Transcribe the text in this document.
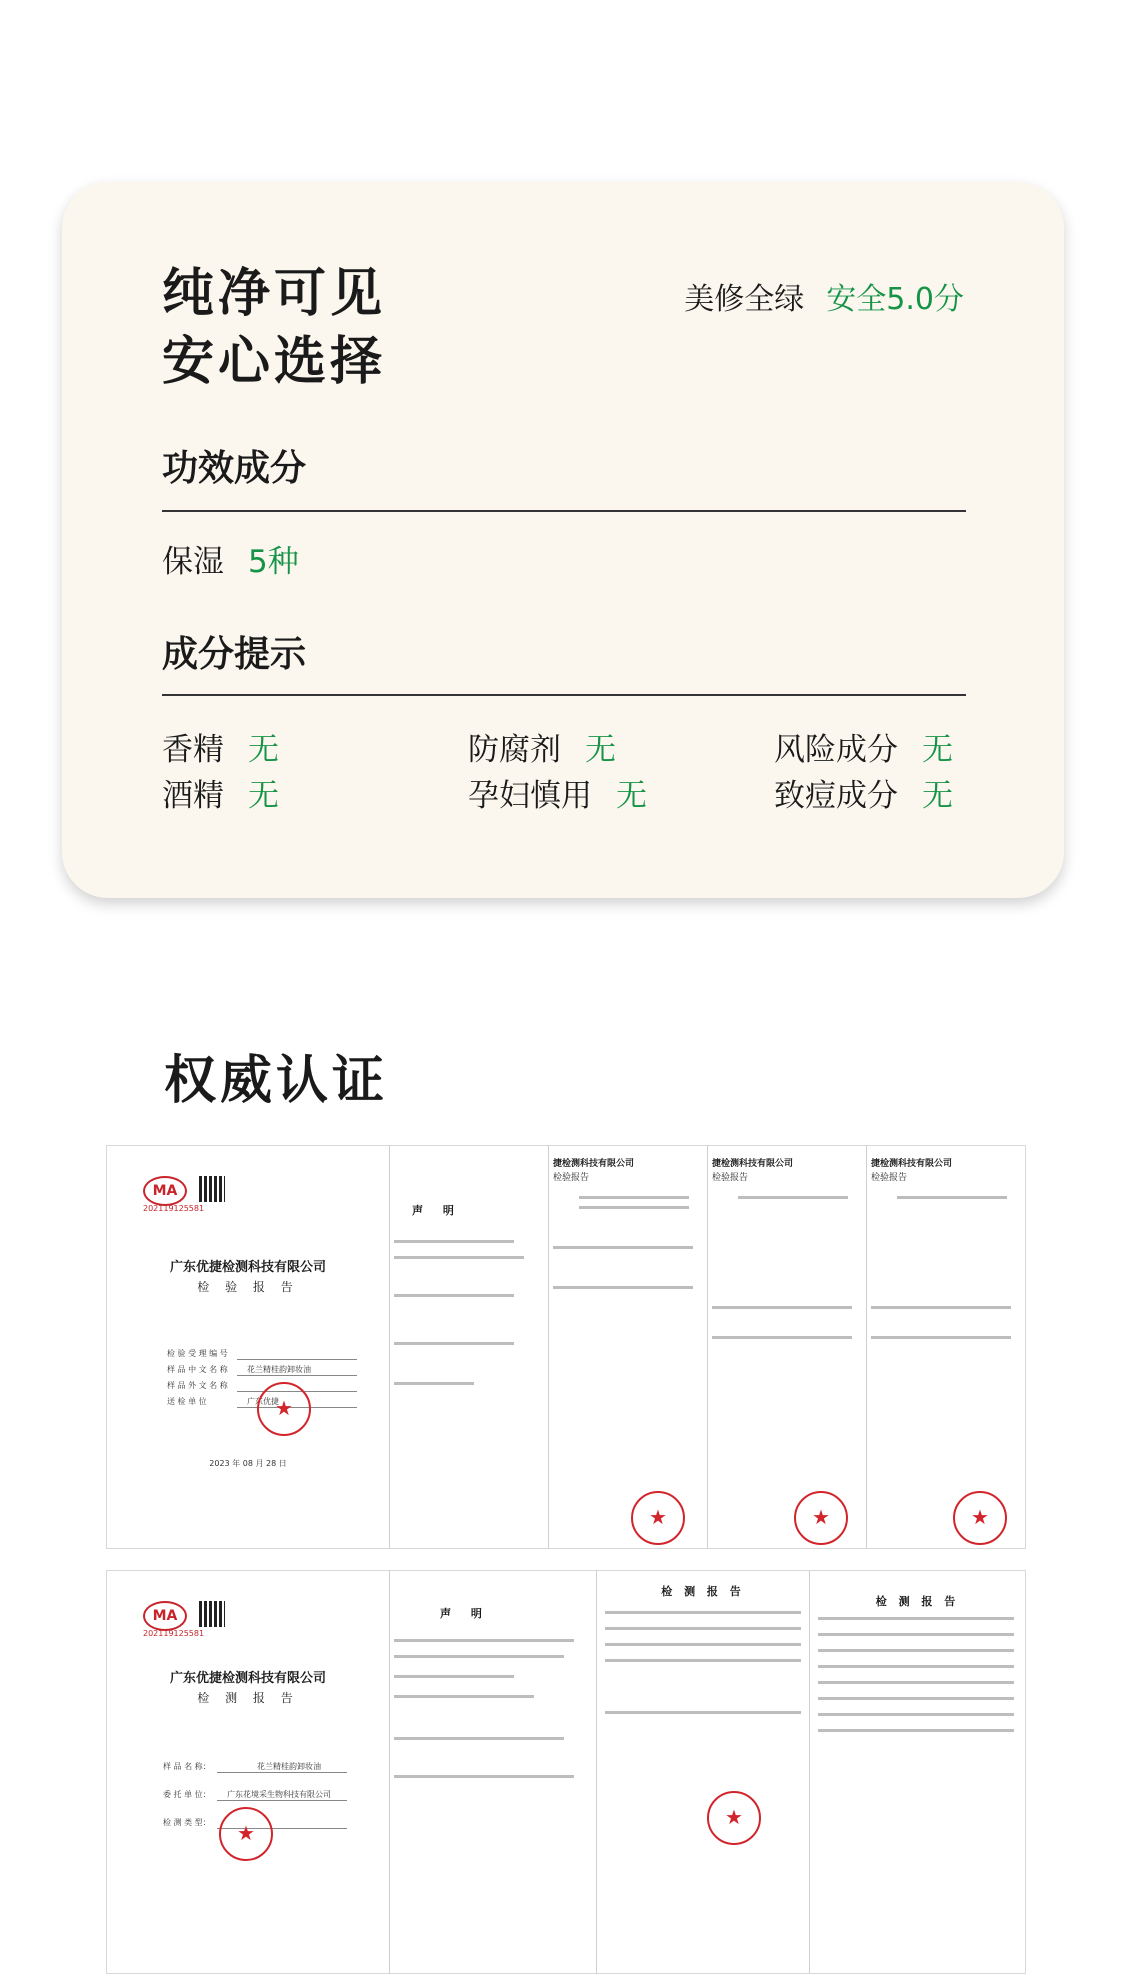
纯净可见
安心选择
美修全绿 安全5.0分
功效成分
保湿 5种
成分提示
香精 无	防腐剂 无	风险成分 无
酒精 无	孕妇慎用 无	致痘成分 无
权威认证
MA
202119125581
广东优捷检测科技有限公司
检 验 报 告
检 验 受 理 编 号
样 品 中 文 名 称 花兰精桂韵卸妆油
样 品 外 文 名 称
送 检 单 位	广东优捷
★
2023 年 08 月 28 日
声 明
捷检测科技有限公司
检验报告
★
捷检测科技有限公司
检验报告
★
捷检测科技有限公司
检验报告
★
MA
202119125581
广东优捷检测科技有限公司
检 测 报 告
样 品 名 称：	花兰精桂韵卸妆油
委 托 单 位： 广东花境采生物科技有限公司
检 测 类 型：
★
声 明
检 测 报 告
★
检 测 报 告
